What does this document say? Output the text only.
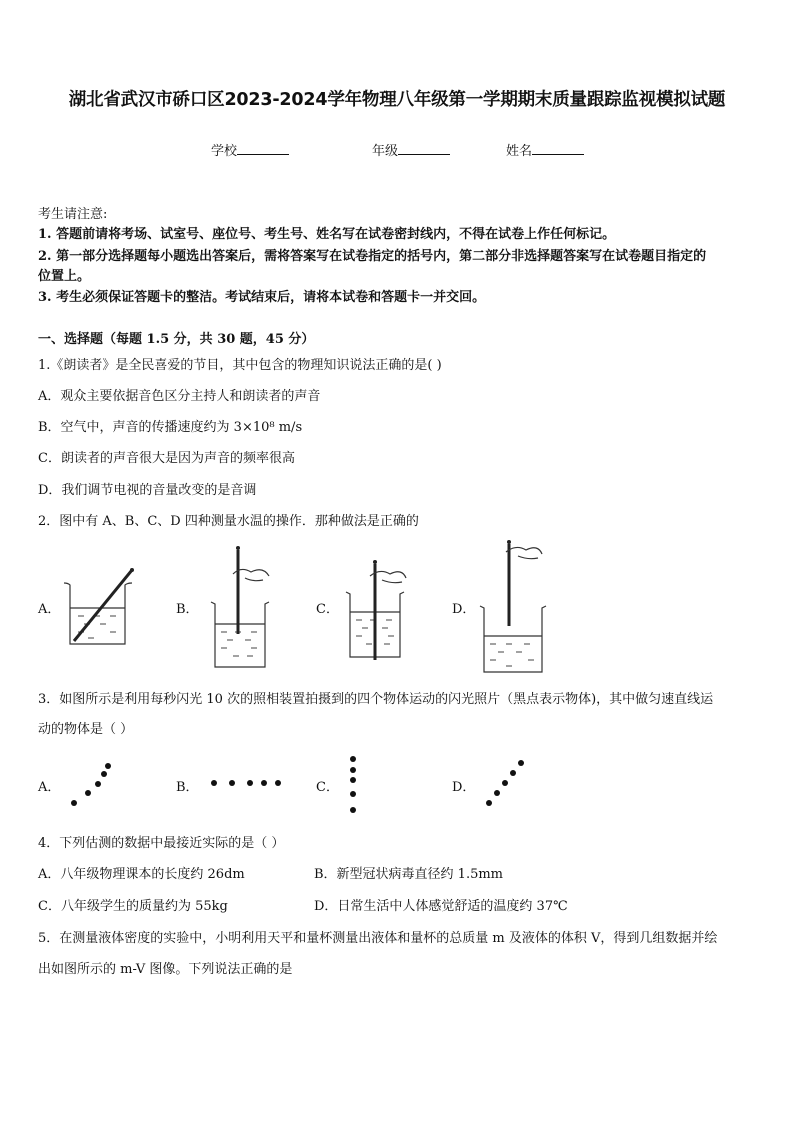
湖北省武汉市硚口区2023-2024学年物理八年级第一学期期末质量跟踪监视模拟试题
学校	年级	姓名
考生请注意:
1. 答题前请将考场、试室号、座位号、考生号、姓名写在试卷密封线内，不得在试卷上作任何标记。
2. 第一部分选择题每小题选出答案后，需将答案写在试卷指定的括号内，第二部分非选择题答案写在试卷题目指定的
位置上。
3. 考生必须保证答题卡的整洁。考试结束后，请将本试卷和答题卡一并交回。
一、选择题（每题 1.5 分，共 30 题，45 分）
1.《朗读者》是全民喜爱的节目，其中包含的物理知识说法正确的是( )
A．观众主要依据音色区分主持人和朗读者的声音
B．空气中，声音的传播速度约为 3×10⁸ m/s
C．朗读者的声音很大是因为声音的频率很高
D．我们调节电视的音量改变的是音调
2．图中有 A、B、C、D 四种测量水温的操作．那种做法是正确的
A．	B．	C．	D．
3．如图所示是利用每秒闪光 10 次的照相装置拍摄到的四个物体运动的闪光照片（黑点表示物体)，其中做匀速直线运
动的物体是（ ）
A．	B．	C．	D．
4．下列估测的数据中最接近实际的是（ ）
A．八年级物理课本的长度约 26dm	B．新型冠状病毒直径约 1.5mm
C．八年级学生的质量约为 55kg	D．日常生活中人体感觉舒适的温度约 37℃
5．在测量液体密度的实验中，小明利用天平和量杯测量出液体和量杯的总质量 m 及液体的体积 V，得到几组数据并绘
出如图所示的 m-V 图像。下列说法正确的是
